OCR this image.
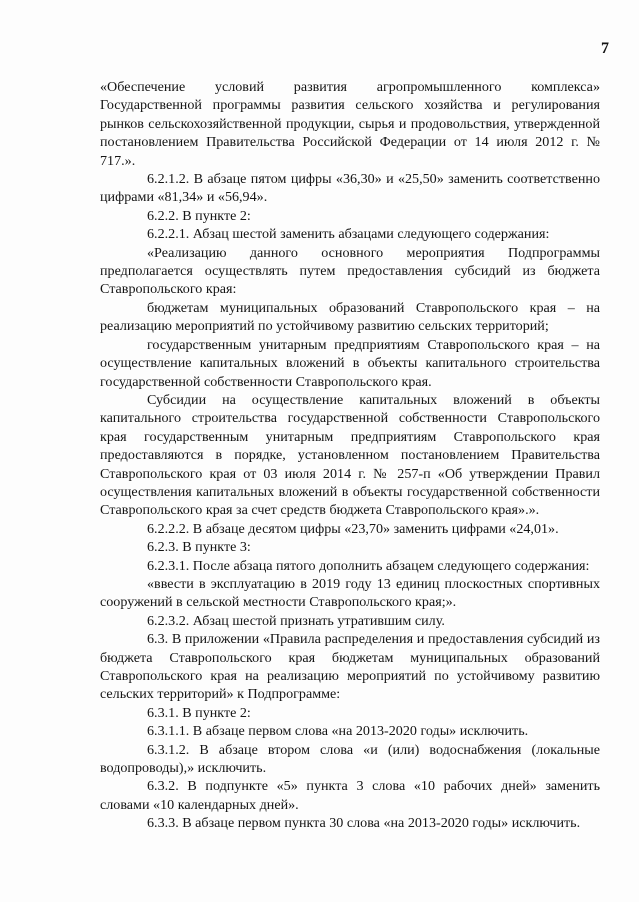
7

«Обеспечение условий развития агропромышленного комплекса» Государственной программы развития сельского хозяйства и регулирования рынков сельскохозяйственной продукции, сырья и продовольствия, утвержденной постановлением Правительства Российской Федерации от 14 июля 2012 г. № 717.».

6.2.1.2. В абзаце пятом цифры «36,30» и «25,50» заменить соответственно цифрами «81,34» и «56,94».

6.2.2. В пункте 2:

6.2.2.1. Абзац шестой заменить абзацами следующего содержания:

«Реализацию данного основного мероприятия Подпрограммы предполагается осуществлять путем предоставления субсидий из бюджета Ставропольского края:

бюджетам муниципальных образований Ставропольского края – на реализацию мероприятий по устойчивому развитию сельских территорий;

государственным унитарным предприятиям Ставропольского края – на осуществление капитальных вложений в объекты капитального строительства государственной собственности Ставропольского края.

Субсидии на осуществление капитальных вложений в объекты капитального строительства государственной собственности Ставропольского края государственным унитарным предприятиям Ставропольского края предоставляются в порядке, установленном постановлением Правительства Ставропольского края от 03 июля 2014 г. № 257-п «Об утверждении Правил осуществления капитальных вложений в объекты государственной собственности Ставропольского края за счет средств бюджета Ставропольского края».».

6.2.2.2. В абзаце десятом цифры «23,70» заменить цифрами «24,01».

6.2.3. В пункте 3:

6.2.3.1. После абзаца пятого дополнить абзацем следующего содержания:

«ввести в эксплуатацию в 2019 году 13 единиц плоскостных спортивных сооружений в сельской местности Ставропольского края;».

6.2.3.2. Абзац шестой признать утратившим силу.

6.3. В приложении «Правила распределения и предоставления субсидий из бюджета Ставропольского края бюджетам муниципальных образований Ставропольского края на реализацию мероприятий по устойчивому развитию сельских территорий» к Подпрограмме:

6.3.1. В пункте 2:

6.3.1.1. В абзаце первом слова «на 2013-2020 годы» исключить.

6.3.1.2. В абзаце втором слова «и (или) водоснабжения (локальные водопроводы),» исключить.

6.3.2. В подпункте «5» пункта 3 слова «10 рабочих дней» заменить словами «10 календарных дней».

6.3.3. В абзаце первом пункта 30 слова «на 2013-2020 годы» исключить.
